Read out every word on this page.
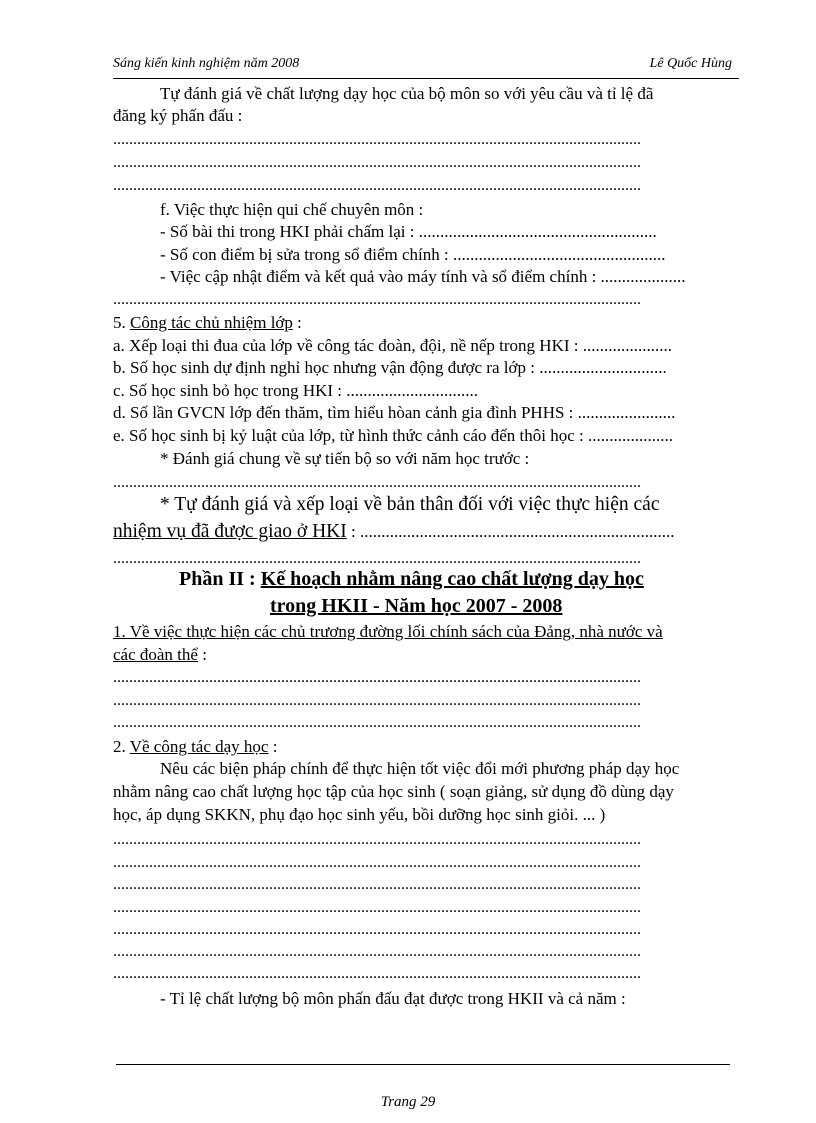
Sáng kiến kinh nghiệm năm 2008	Lê Quốc Hùng
Tự đánh giá về chất lượng dạy học của bộ môn so với yêu cầu và tỉ lệ đã
đăng ký phấn đấu :
....................................................................................................................................
....................................................................................................................................
....................................................................................................................................
f. Việc thực hiện qui chế chuyên môn :
- Số bài thi trong HKI phải chấm lại : ........................................................
- Số con điểm bị sửa trong sổ điểm chính : ..................................................
- Việc cập nhật điểm và kết quả vào máy tính và sổ điểm chính : ....................
....................................................................................................................................
5. Công tác chủ nhiệm lớp :
a. Xếp loại thi đua của lớp về công tác đoàn, đội, nề nếp trong HKI : .....................
b. Số học sinh dự định nghỉ học nhưng vận động được ra lớp : ..............................
c. Số học sinh bỏ học trong HKI : ...............................
d. Số lần GVCN lớp đến thăm, tìm hiểu hòan cảnh gia đình PHHS : .......................
e. Số học sinh bị kỷ luật của lớp, từ hình thức cảnh cáo đến thôi học : ....................
* Đánh giá chung về sự tiến bộ so với năm học trước :
....................................................................................................................................
* Tự đánh giá và xếp loại về bản thân đối với việc thực hiện các
nhiệm vụ đã được giao ở HKI : ..........................................................................
....................................................................................................................................
Phần II : Kế hoạch nhằm nâng cao chất lượng dạy học
trong HKII - Năm học 2007 - 2008
1. Về việc thực hiện các chủ trương đường lối chính sách của Đảng, nhà nước và
các đoàn thể :
....................................................................................................................................
....................................................................................................................................
....................................................................................................................................
2. Về công tác dạy học :
Nêu các biện pháp chính để thực hiện tốt việc đổi mới phương pháp dạy học
nhằm nâng cao chất lượng học tập của học sinh ( soạn giảng, sử dụng đồ dùng dạy
học, áp dụng SKKN, phụ đạo học sinh yếu, bồi dưỡng học sinh giỏi. ... )
....................................................................................................................................
....................................................................................................................................
....................................................................................................................................
....................................................................................................................................
....................................................................................................................................
....................................................................................................................................
....................................................................................................................................
- Tỉ lệ chất lượng bộ môn phấn đấu đạt được trong HKII và cả năm :
Trang 29
